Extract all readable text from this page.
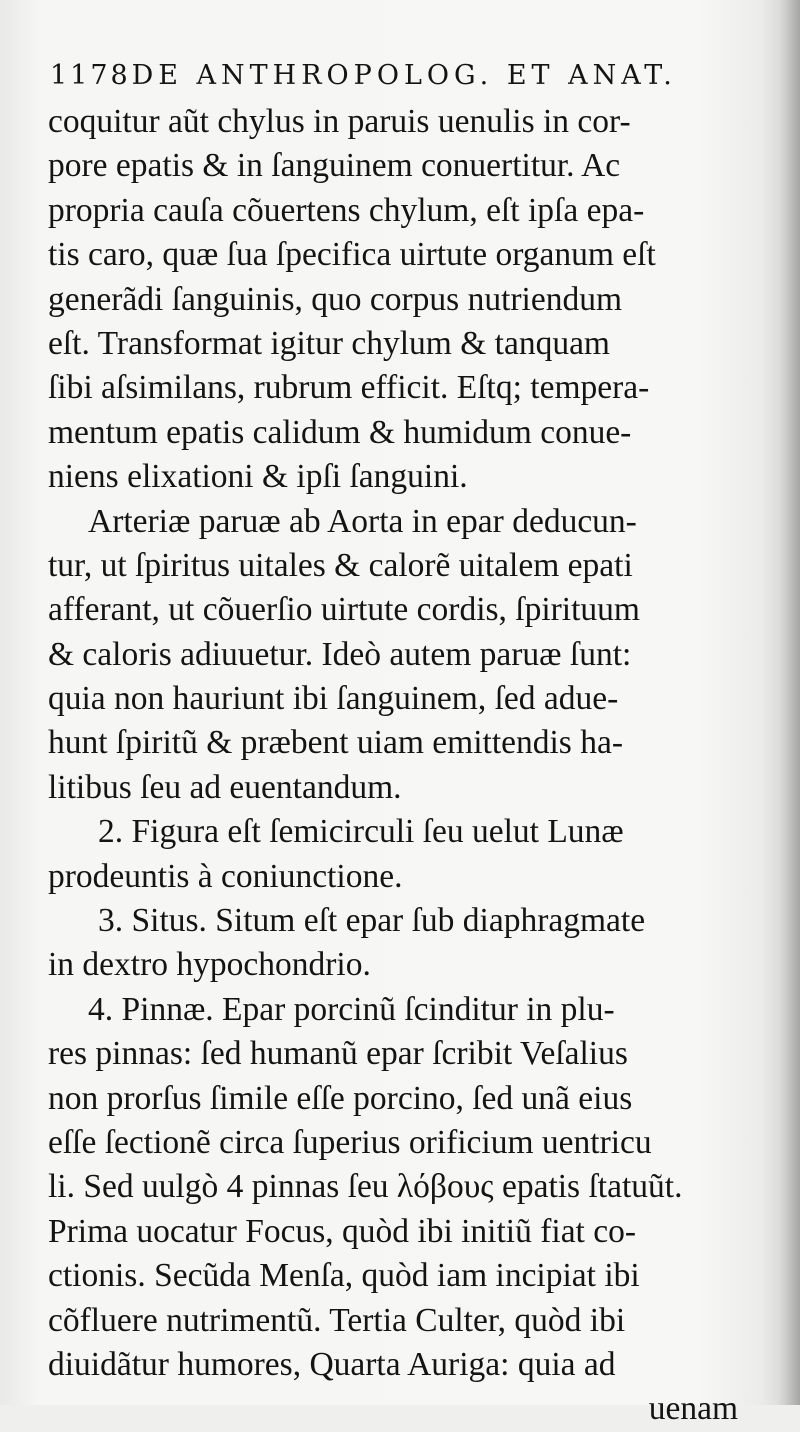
1178 DE ANTHROPOLOG. ET ANAT.
coquitur aũt chylus in paruis uenulis in cor-
pore epatis & in ſanguinem conuertitur. Ac
propria cauſa cõuertens chylum, eſt ipſa epa-
tis caro, quæ ſua ſpecifica uirtute organum eſt
generãdi ſanguinis, quo corpus nutriendum
eſt. Transformat igitur chylum & tanquam
ſibi aſsimilans, rubrum efficit. Eſtq; tempera-
mentum epatis calidum & humidum conue-
niens elixationi & ipſi ſanguini.
Arteriæ paruæ ab Aorta in epar deducun-
tur, ut ſpiritus uitales & calorẽ uitalem epati
afferant, ut cõuerſio uirtute cordis, ſpirituum
& caloris adiuuetur. Ideò autem paruæ ſunt:
quia non hauriunt ibi ſanguinem, ſed adue-
hunt ſpiritũ & præbent uiam emittendis ha-
litibus ſeu ad euentandum.
2. Figura eſt ſemicirculi ſeu uelut Lunæ
prodeuntis à coniunctione.
3. Situs. Situm eſt epar ſub diaphragmate
in dextro hypochondrio.
4. Pinnæ. Epar porcinũ ſcinditur in plu-
res pinnas: ſed humanũ epar ſcribit Veſalius
non prorſus ſimile eſſe porcino, ſed unã eius
eſſe ſectionẽ circa ſuperius orificium uentricu
li. Sed uulgò 4 pinnas ſeu λόβους epatis ſtatuũt.
Prima uocatur Focus, quòd ibi initiũ fiat co-
ctionis. Secũda Menſa, quòd iam incipiat ibi
cõfluere nutrimentũ. Tertia Culter, quòd ibi
diuidãtur humores, Quarta Auriga: quia ad
uenam
